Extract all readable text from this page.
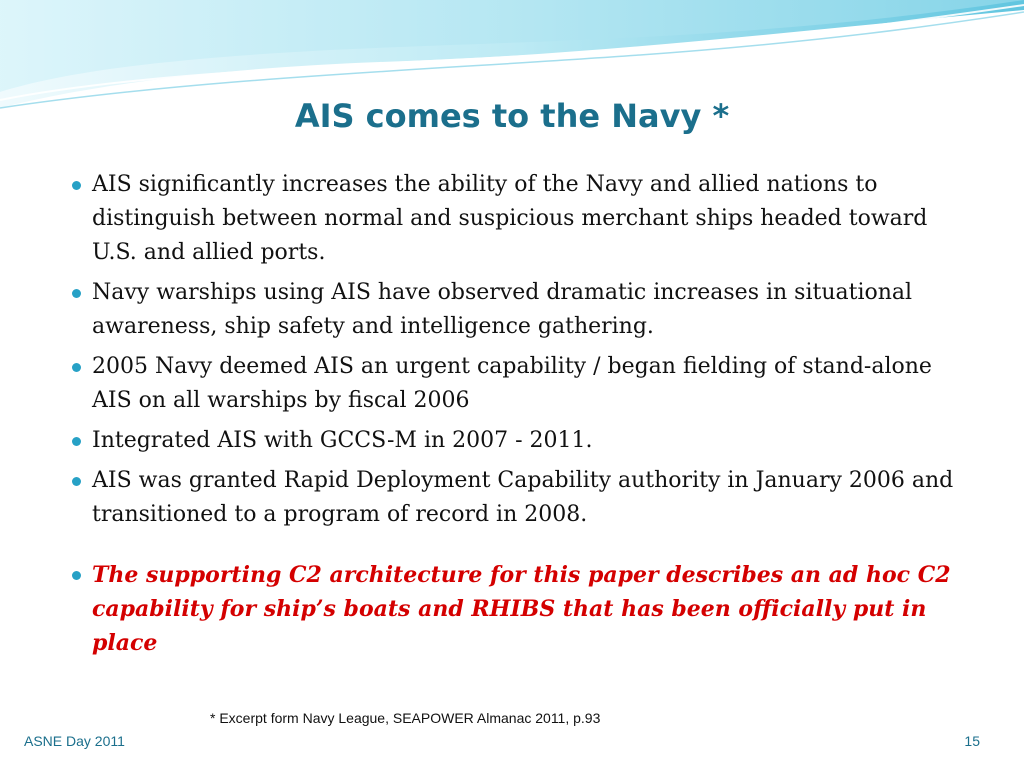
AIS comes to the Navy *
AIS significantly increases the ability of the Navy and allied nations to distinguish between normal and suspicious merchant ships headed toward U.S. and allied ports.
Navy warships using AIS have observed dramatic increases in situational awareness, ship safety and intelligence gathering.
2005 Navy deemed AIS an urgent capability / began fielding of stand-alone AIS on all warships by fiscal 2006
Integrated AIS with GCCS-M in 2007 - 2011.
AIS was granted Rapid Deployment Capability authority in January 2006 and transitioned to a program of record in 2008.
The supporting C2 architecture for this paper describes an ad hoc C2 capability for ship’s boats and RHIBS that has been officially put in place
* Excerpt form Navy League, SEAPOWER Almanac 2011, p.93
ASNE Day 2011	15
